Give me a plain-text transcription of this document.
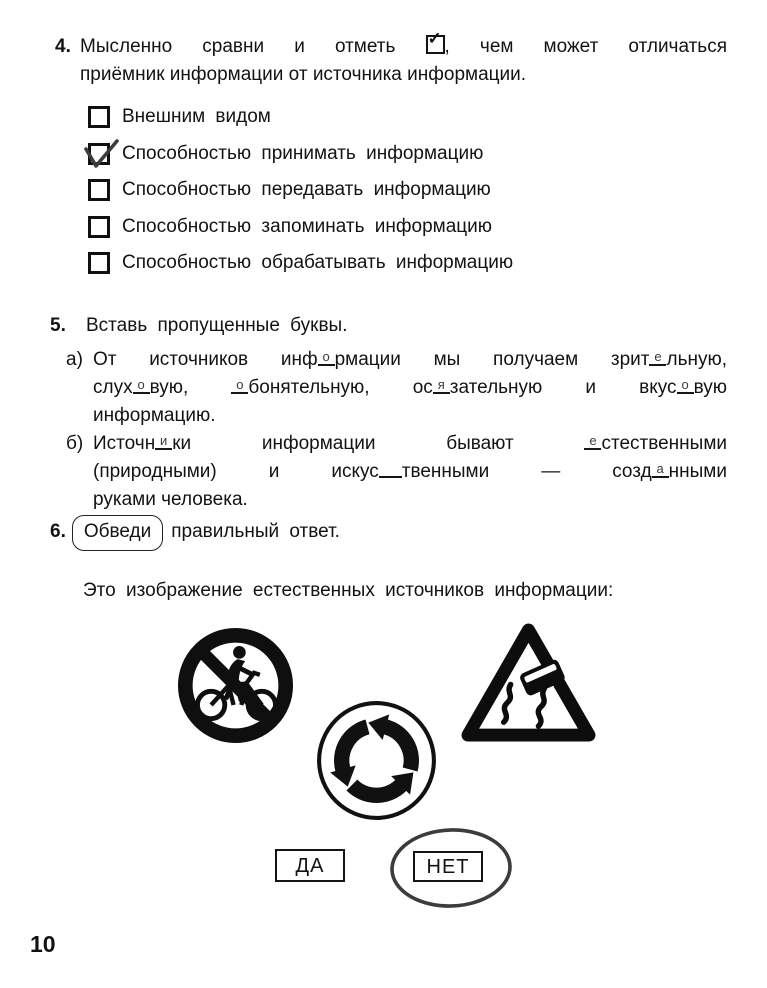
4. Мысленно сравни и отметь ✓ , чем может отличаться
приёмник информации от источника информации.
Внешним видом
Способностью принимать информацию
Способностью передавать информацию
Способностью запоминать информацию
Способностью обрабатывать информацию
5. Вставь пропущенные буквы.
а) От источников инф о рмации мы получаем зрит е льную,
слух о вую, о бонятельную, ос я зательную и вкус о вую
информацию.
б) Источн и ки информации бывают е стественными
(природными) и искус твенными — созд а нными
руками человека.
6. Обведи правильный ответ.
Это изображение естественных источников информации:
ДА	НЕТ
10
